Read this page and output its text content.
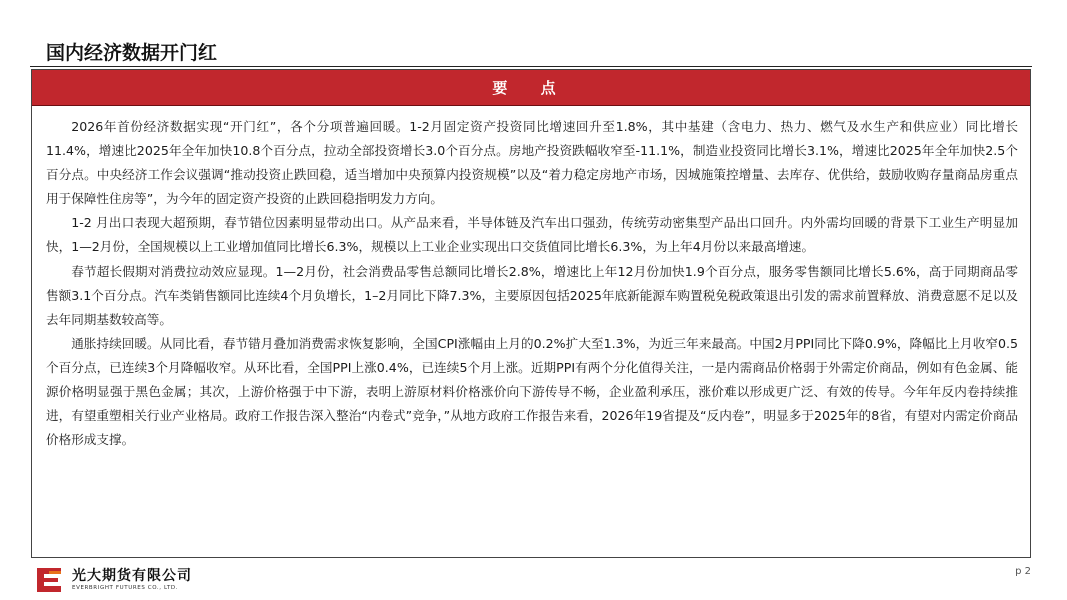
国内经济数据开门红
要 点

2026年首份经济数据实现“开门红”，各个分项普遍回暖。1-2月固定资产投资同比增速回升至1.8%，其中基建（含电力、热力、燃气及水生产和供应业）同比增长11.4%，增速比2025年全年加快10.8个百分点，拉动全部投资增长3.0个百分点。房地产投资跌幅收窄至-11.1%，制造业投资同比增长3.1%，增速比2025年全年加快2.5个百分点。中央经济工作会议强调“推动投资止跌回稳，适当增加中央预算内投资规模”以及“着力稳定房地产市场，因城施策控增量、去库存、优供给，鼓励收购存量商品房重点用于保障性住房等”，为今年的固定资产投资的止跌回稳指明发力方向。

1-2 月出口表现大超预期，春节错位因素明显带动出口。从产品来看，半导体链及汽车出口强劲，传统劳动密集型产品出口回升。内外需均回暖的背景下工业生产明显加快，1—2月份，全国规模以上工业增加值同比增长6.3%，规模以上工业企业实现出口交货值同比增长6.3%，为上年4月份以来最高增速。

春节超长假期对消费拉动效应显现。1—2月份，社会消费品零售总额同比增长2.8%，增速比上年12月份加快1.9个百分点，服务零售额同比增长5.6%，高于同期商品零售额3.1个百分点。汽车类销售额同比连续4个月负增长，1–2月同比下降7.3%，主要原因包括2025年底新能源车购置税免税政策退出引发的需求前置释放、消费意愿不足以及去年同期基数较高等。

通胀持续回暖。从同比看，春节错月叠加消费需求恢复影响，全国CPI涨幅由上月的0.2%扩大至1.3%，为近三年来最高。中国2月PPI同比下降0.9%，降幅比上月收窄0.5个百分点，已连续3个月降幅收窄。从环比看，全国PPI上涨0.4%，已连续5个月上涨。近期PPI有两个分化值得关注，一是内需商品价格弱于外需定价商品，例如有色金属、能源价格明显强于黑色金属；其次，上游价格强于中下游，表明上游原材料价格涨价向下游传导不畅，企业盈利承压，涨价难以形成更广泛、有效的传导。今年年反内卷持续推进，有望重塑相关行业产业格局。政府工作报告深入整治“内卷式”竞争，”从地方政府工作报告来看，2026年19省提及“反内卷”，明显多于2025年的8省，有望对内需定价商品价格形成支撑。

光大期货有限公司
EVERBRIGHT FUTURES CO., LTD.
p 2
